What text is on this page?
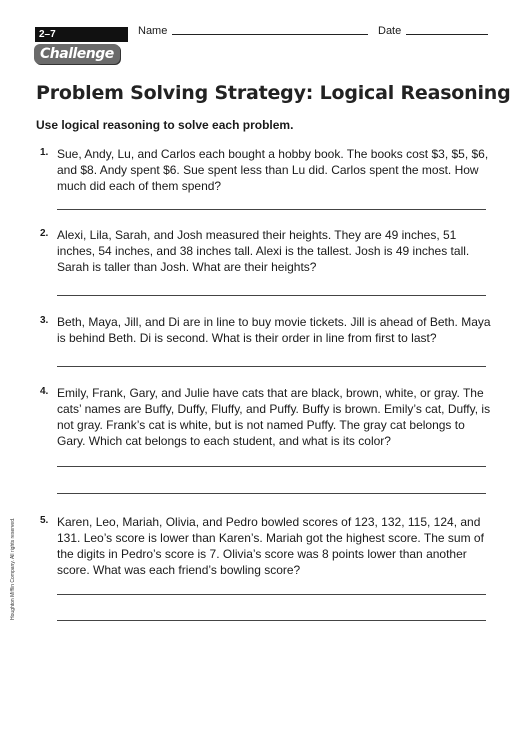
2–7	Name	Date
Challenge
Problem Solving Strategy: Logical Reasoning

Use logical reasoning to solve each problem.

1. Sue, Andy, Lu, and Carlos each bought a hobby book. The books cost $3, $5, $6, and $8. Andy spent $6. Sue spent less than Lu did. Carlos spent the most. How much did each of them spend?

2. Alexi, Lila, Sarah, and Josh measured their heights. They are 49 inches, 51 inches, 54 inches, and 38 inches tall. Alexi is the tallest. Josh is 49 inches tall. Sarah is taller than Josh. What are their heights?

3. Beth, Maya, Jill, and Di are in line to buy movie tickets. Jill is ahead of Beth. Maya is behind Beth. Di is second. What is their order in line from first to last?

4. Emily, Frank, Gary, and Julie have cats that are black, brown, white, or gray. The cats’ names are Buffy, Duffy, Fluffy, and Puffy. Buffy is brown. Emily’s cat, Duffy, is not gray. Frank’s cat is white, but is not named Puffy. The gray cat belongs to Gary. Which cat belongs to each student, and what is its color?

5. Karen, Leo, Mariah, Olivia, and Pedro bowled scores of 123, 132, 115, 124, and 131. Leo’s score is lower than Karen’s. Mariah got the highest score. The sum of the digits in Pedro’s score is 7. Olivia’s score was 8 points lower than another score. What was each friend’s bowling score?

Houghton Mifflin Company. All rights reserved.
